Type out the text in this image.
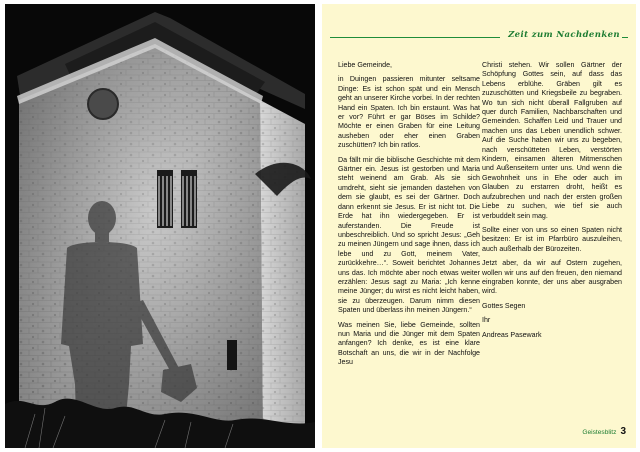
Zeit zum Nachdenken

Liebe Gemeinde,

in Duingen passieren mitunter seltsame Dinge: Es ist schon spät und ein Mensch geht an unserer Kirche vorbei. In der rechten Hand ein Spaten. Ich bin erstaunt. Was hat er vor? Führt er gar Böses im Schilde? Möchte er einen Graben für eine Leitung ausheben oder eher einen Graben zuschütten? Ich bin ratlos.

Da fällt mir die biblische Geschichte mit dem Gärtner ein. Jesus ist gestorben und Maria steht weinend am Grab. Als sie sich umdreht, sieht sie jemanden dastehen von dem sie glaubt, es sei der Gärtner. Doch dann erkennt sie Jesus. Er ist nicht tot. Die Erde hat ihn wiedergegeben. Er ist auferstanden. Die Freude ist unbeschreiblich. Und so spricht Jesus: „Geh zu meinen Jüngern und sage ihnen, dass ich lebe und zu Gott, meinem Vater, zurückkehre…“. Soweit berichtet Johannes uns das. Ich möchte aber noch etwas weiter erzählen: Jesus sagt zu Maria: „Ich kenne meine Jünger; du wirst es nicht leicht haben, sie zu überzeugen. Darum nimm diesen Spaten und überlass ihn meinen Jüngern.“

Was meinen Sie, liebe Gemeinde, sollten nun Maria und die Jünger mit dem Spaten anfangen? Ich denke, es ist eine klare Botschaft an uns, die wir in der Nachfolge Jesu

Christi stehen. Wir sollen Gärtner der Schöpfung Gottes sein, auf dass das Lebens erblühe. Gräben gilt es zuzuschütten und Kriegsbeile zu begraben. Wo tun sich nicht überall Fallgruben auf quer durch Familien, Nachbarschaften und Gemeinden. Schaffen Leid und Trauer und machen uns das Leben unendlich schwer. Auf die Suche haben wir uns zu begeben, nach verschütteten Leben, verstörten Kindern, einsamen älteren Mitmenschen und Außenseitern unter uns. Und wenn die Gewohnheit uns in Ehe oder auch im Glauben zu erstarren droht, heißt es aufzubrechen und nach der ersten großen Liebe zu suchen, wie tief sie auch verbuddelt sein mag.

Sollte einer von uns so einen Spaten nicht besitzen: Er ist im Pfarrbüro auszuleihen, auch außerhalb der Bürozeiten.

Jetzt aber, da wir auf Ostern zugehen, wollen wir uns auf den freuen, den niemand eingraben konnte, der uns aber ausgraben wird.

Gottes Segen

Ihr

Andreas Pasewark

Geistesblitz 3
